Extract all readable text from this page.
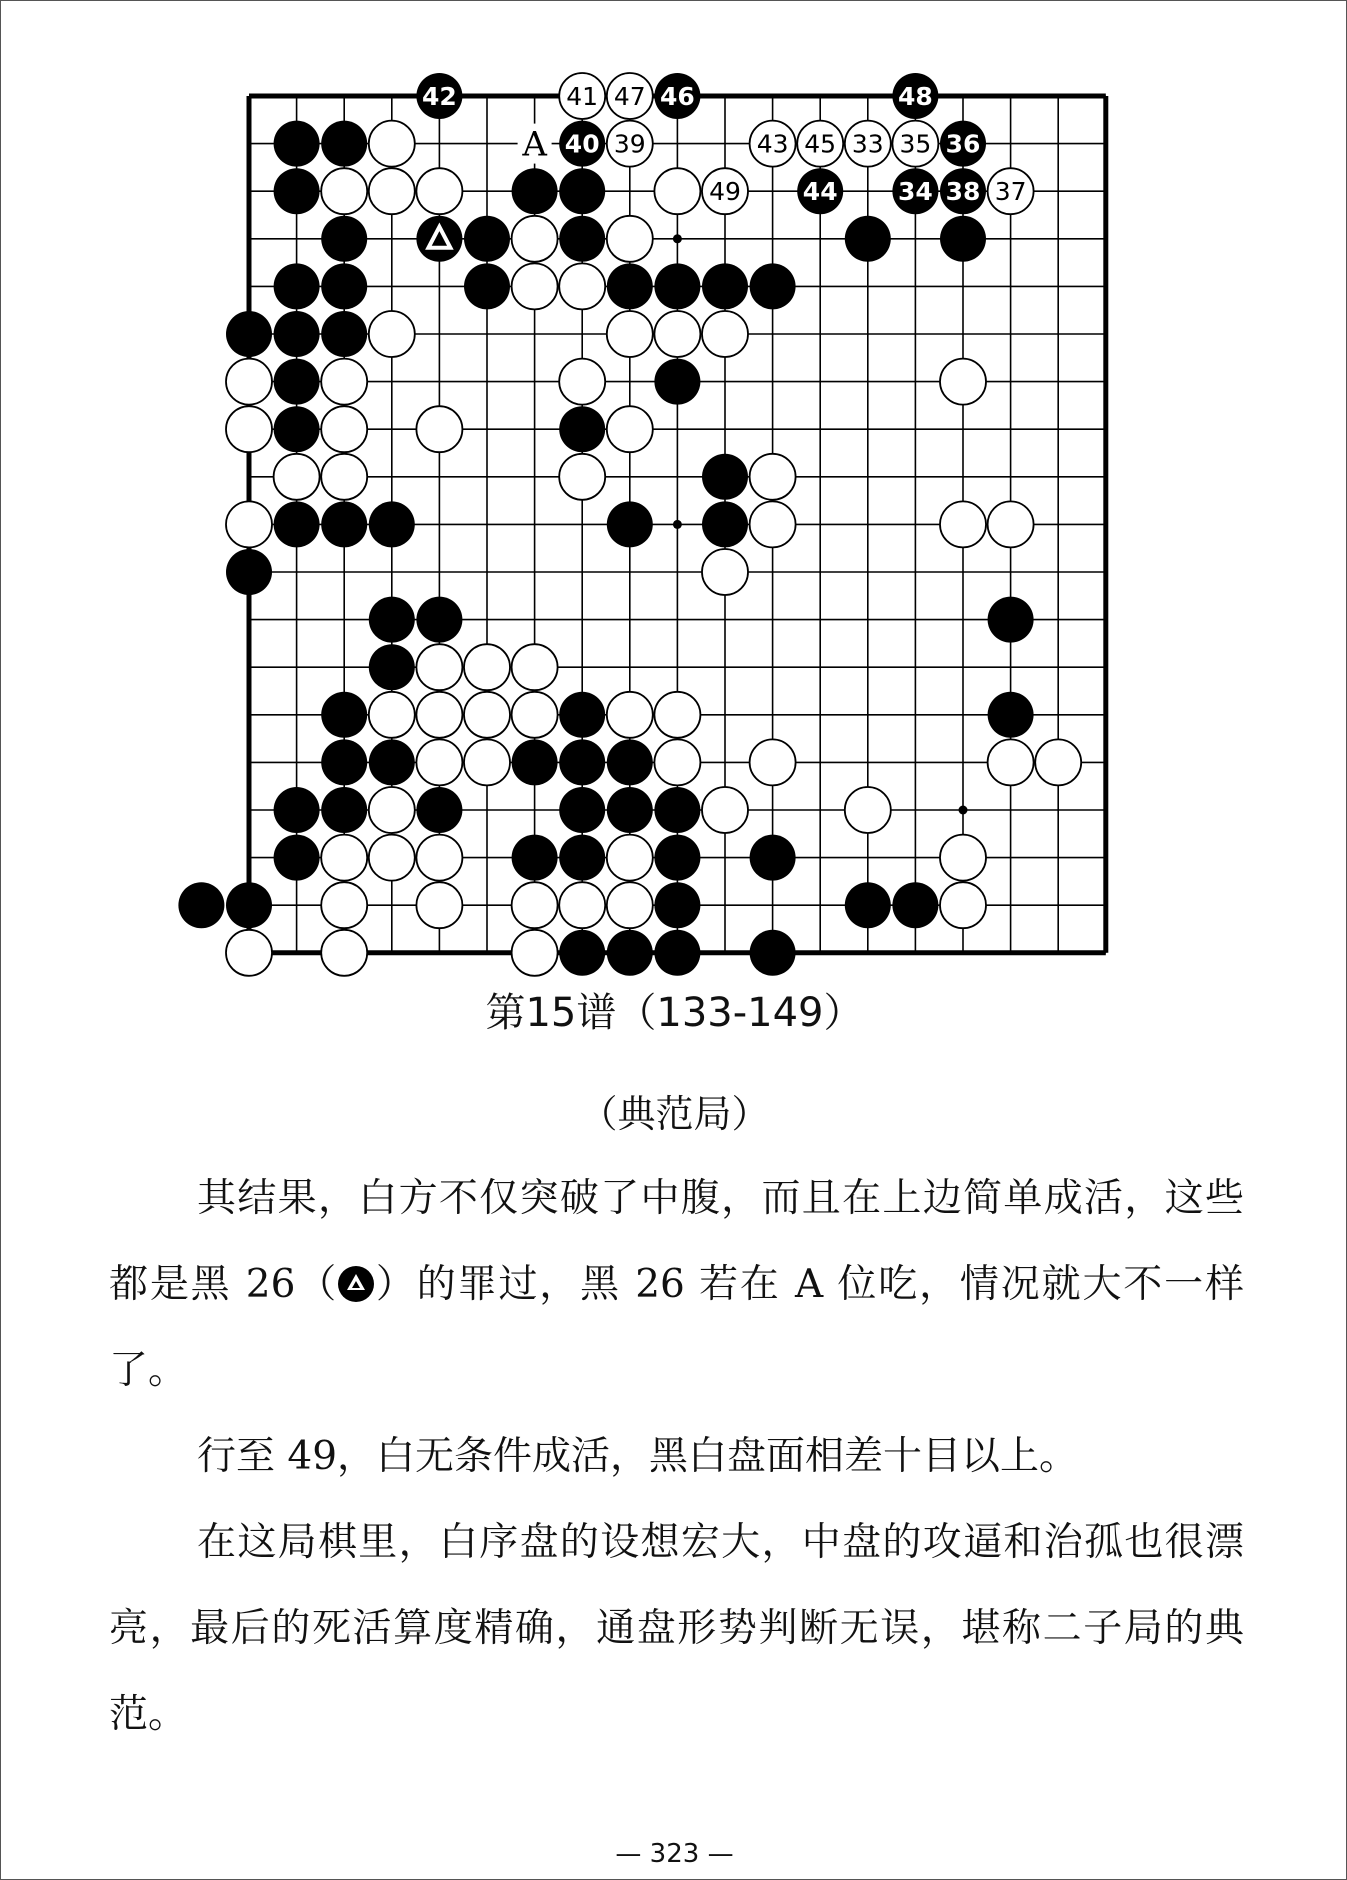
42	41 47 46	48
40 39	43 45 33 35 36
49 44 34 38 37
A
第15谱（133-149）
（典范局）

其结果，白方不仅突破了中腹，而且在上边简单成活，这些都是黑 26（ ）的罪过，黑 26 若在 A 位吃，情况就大不一样了。

行至 49，白无条件成活，黑白盘面相差十目以上。

在这局棋里，白序盘的设想宏大，中盘的攻逼和治孤也很漂亮，最后的死活算度精确，通盘形势判断无误，堪称二子局的典范。

— 323 —
